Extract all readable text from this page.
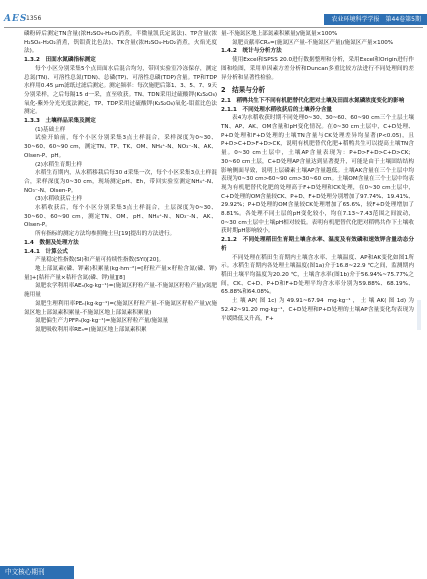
AES
1356	农业环境科学学报　第44卷第5期

磷粉碎后测定TN含量(浓H₂SO₄-H₂O₂消煮，半微量凯氏定氮法)、TP含量(浓H₂SO₄-H₂O₂消煮，钒钼黄比色法)、TK含量(浓H₂SO₄-H₂O₂消煮，火焰光度法)。

1.3.2　田面水氮磷指标测定

每个小区分别采集5个点田面水后混合均匀，带回实验室冷冻保存，测定总氮(TN)、可溶性总氮(TDN)、总磷(TP)、可溶性总磷(TDP)含量。TP和TDP水样用0.45 μm滤纸过滤后测定。测定频率：每次施肥后第1、3、5、7、9天分别采样，之后每隔15 d一采，直至收获。TN、TDN采用过硫酸钾(K₂S₂O₈)氧化-紫外分光光度法测定，TP、TDP采用过硫酸钾(K₂S₂O₈)氧化-钼蓝比色法测定。

1.3.3　土壤样品采集及测定

(1)基础土样

试验开始前，每个小区分别采集3点土样混合，采样深度为0~30、30~60、60~90 cm，测定TN、TP、TK、OM、NH₄⁺-N、NO₃⁻-N、AK、Olsen-P、pH。

(2)水稻生育期土样

水稻生育期内，从水稻移栽后每30 d采集一次，每个小区采集3点土样混合，采样深度为0~30 cm，现场测定pH、Eh，带回实验室测定NH₄⁺-N、NO₃⁻-N、Olsen-P。

(3)水稻收获后土样

水稻收获后，每个小区分别采集3点土样混合，土层深度为0~30、30~60、60~90 cm，测定TN、OM、pH、NH₄⁺-N、NO₃⁻-N、AK、Olsen-P。

所有指标的测定方法均参照鲍士旦[19]提出的方法进行。

1.4　数据及处理方法

1.4.1　计算公式

产量稳定性指数(SI)和产量可持续性指数(SYI)[20]。

地上部氮素(磷、钾素)积累量(kg·hm⁻²)=[籽粒产量×籽粒含氮(磷、钾)量]+[秸秆产量×秸秆含氮(磷、钾)量][8]

氮肥农学利用率AEₙ(kg·kg⁻¹)=(施氮区籽粒产量-不施氮区籽粒产量)/氮肥施用量

氮肥生理利用率PEₙ(kg·kg⁻¹)=(施氮区籽粒产量-不施氮区籽粒产量)/(施氮区地上部氮素积累量-不施氮区地上部氮素积累量)

氮肥偏生产力PFPₙ(kg·kg⁻¹)=施氮区籽粒产量/施氮量

氮肥吸收利用率REₙ=(施氮区地上部氮素积累

量-不施氮区地上部氮素积累量)/施氮量×100%

氮肥贡献率CRₙ=(施氮区产量-不施氮区产量)/施氮区产量×100%

1.4.2　统计与分析方法

使用Excel和SPSS 20.0进行数据整理和分析，采用Excel和Origin进行作图和绘图，采用单因素方差分析和Duncan多重比较方法进行不同处理间的差异分析和显著性检验。

2　结果与分析

2.1　稻鸭共生下不同有机肥替代化肥对土壤及田面水氮磷浓度变化的影响

2.1.1　不同处理水稻收获后的土壤养分含量

表4为水稻收获时期不同处理0~30、30~60、60~90 cm三个土层土壤TN、AP、AK、OM含量和pH变化情况。在0~30 cm土层中，C+D处理、P+D处理和F+D处理的土壤TN含量与CK处理差异均显著(P<0.05)，且P+D>C+D>F+D>CK，说明有机肥替代化肥+稻鸭共生可以提高土壤TN含量。0~30 cm土层中，土壤AP含量表现为：P+D>F+D>C+D>CK；30~60 cm土层，C+D处理AP含量达到显著提升，可能是由于土壤固结结构影响侧面导致，说明上层磷素土壤AP含量越低。土壤AK含量在三个土层中均表现为0~30 cm>60~90 cm>30~60 cm。土壤OM含量在三个土层中均表现为有机肥替代化肥的处理高于F+D处理和CK处理，在0~30 cm土层中，C+D处理的OM含量较CK、P+D、F+D处理分别增加了97.74%、19.41%、29.92%；P+D处理的OM含量较CK处理增加了65.6%，较F+D处理增加了8.81%。各处理不同土层的pH变化较小，均在7.13~7.43范围之间波动，0~30 cm土层中土壤pH相对较低。表明有机肥替代化肥对稻鸭共作下土壤收获时期pH影响较小。

2.1.2　不同处理稻田生育期土壤含水率、温度及有效磷和速效钾含量动态分析

不同处理在稻田生育期内土壤含水率、土壤温度、AP和AK变化如图1所示。水稻生育期内各处理土壤温度(图1a)介于16.8~22.9 ℃之间，监测期内稻田土壤平均温度为20.20 ℃，土壤含水率(图1b)介于56.94%~75.77%之间，CK、C+D、P+D和F+D处理平均含水率分别为59.88%、68.19%、65.88%和64.08%。

土壤AP(图1c)为49.91~67.94 mg·kg⁻¹，土壤AK(图1d)为52.42~91.20 mg·kg⁻¹，C+D处理和P+D处理的土壤AP含量变化均表现为平缓降低又升高，F+

中文核心期刊
